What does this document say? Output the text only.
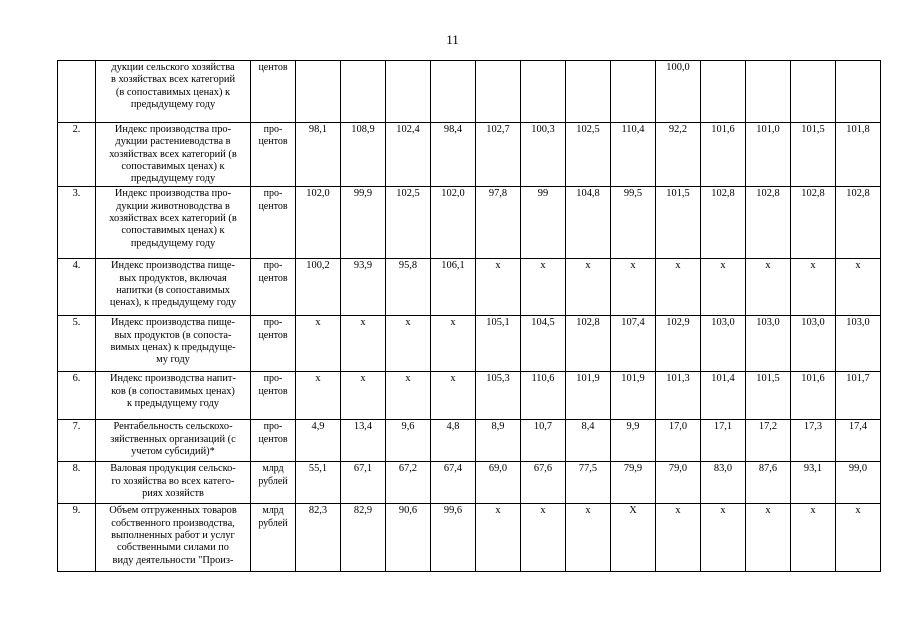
11

	дукции сельского хозяйства
в хозяйствах всех категорий
(в сопоставимых ценах) к
предыдущему году	центов									100,0				
2.	Индекс производства про-
дукции растениеводства в
хозяйствах всех категорий (в
сопоставимых ценах) к
предыдущему году	про-
центов	98,1	108,9	102,4	98,4	102,7	100,3	102,5	110,4	92,2	101,6	101,0	101,5	101,8
3.	Индекс производства про-
дукции животноводства в
хозяйствах всех категорий (в
сопоставимых ценах) к
предыдущему году	про-
центов	102,0	99,9	102,5	102,0	97,8	99	104,8	99,5	101,5	102,8	102,8	102,8	102,8
4.	Индекс производства пище-
вых продуктов, включая
напитки (в сопоставимых
ценах), к предыдущему году	про-
центов	100,2	93,9	95,8	106,1	x	x	x	x	x	x	x	x	x
5.	Индекс производства пище-
вых продуктов (в сопоста-
вимых ценах) к предыдуще-
му году	про-
центов	x	x	x	x	105,1	104,5	102,8	107,4	102,9	103,0	103,0	103,0	103,0
6.	Индекс производства напит-
ков (в сопоставимых ценах)
к предыдущему году	про-
центов	x	x	x	x	105,3	110,6	101,9	101,9	101,3	101,4	101,5	101,6	101,7
7.	Рентабельность сельскохо-
зяйственных организаций (с
учетом субсидий)*	про-
центов	4,9	13,4	9,6	4,8	8,9	10,7	8,4	9,9	17,0	17,1	17,2	17,3	17,4
8.	Валовая продукция сельско-
го хозяйства во всех катего-
риях хозяйств	млрд
рублей	55,1	67,1	67,2	67,4	69,0	67,6	77,5	79,9	79,0	83,0	87,6	93,1	99,0
9.	Объем отгруженных товаров
собственного производства,
выполненных работ и услуг
собственными силами по
виду деятельности "Произ-	млрд
рублей	82,3	82,9	90,6	99,6	x	x	x	X	x	x	x	x	x
